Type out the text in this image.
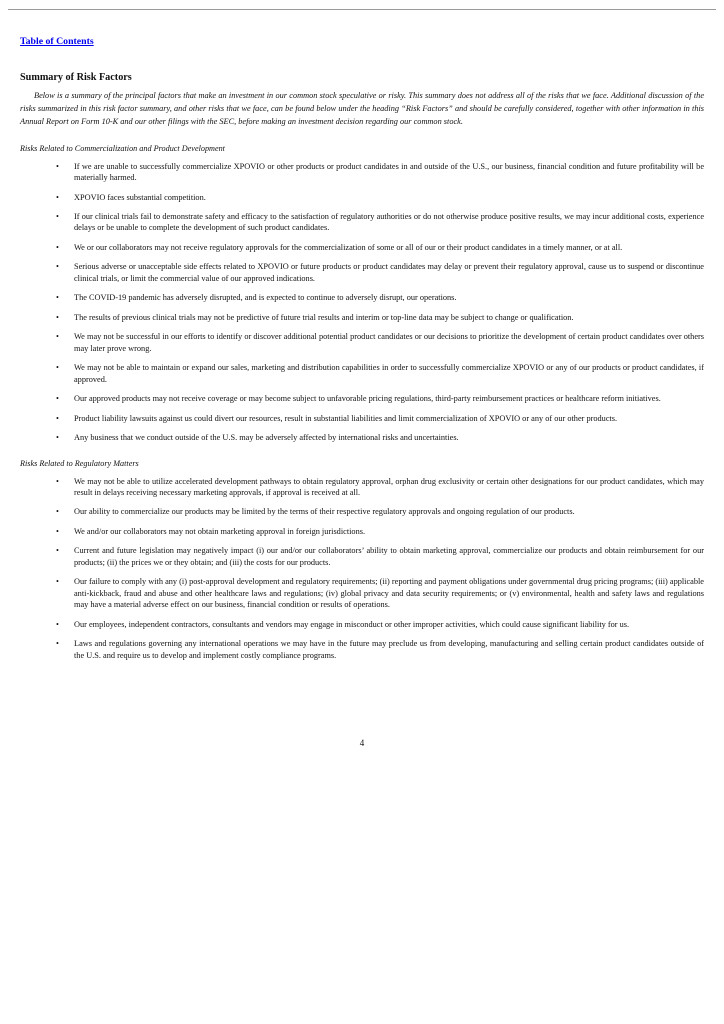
Table of Contents
Summary of Risk Factors

Below is a summary of the principal factors that make an investment in our common stock speculative or risky. This summary does not address all of the risks that we face. Additional discussion of the risks summarized in this risk factor summary, and other risks that we face, can be found below under the heading “Risk Factors” and should be carefully considered, together with other information in this Annual Report on Form 10-K and our other filings with the SEC, before making an investment decision regarding our common stock.

Risks Related to Commercialization and Product Development
• If we are unable to successfully commercialize XPOVIO or other products or product candidates in and outside of the U.S., our business, financial condition and future profitability will be materially harmed.
• XPOVIO faces substantial competition.
• If our clinical trials fail to demonstrate safety and efficacy to the satisfaction of regulatory authorities or do not otherwise produce positive results, we may incur additional costs, experience delays or be unable to complete the development of such product candidates.
• We or our collaborators may not receive regulatory approvals for the commercialization of some or all of our or their product candidates in a timely manner, or at all.
• Serious adverse or unacceptable side effects related to XPOVIO or future products or product candidates may delay or prevent their regulatory approval, cause us to suspend or discontinue clinical trials, or limit the commercial value of our approved indications.
• The COVID-19 pandemic has adversely disrupted, and is expected to continue to adversely disrupt, our operations.
• The results of previous clinical trials may not be predictive of future trial results and interim or top-line data may be subject to change or qualification.
• We may not be successful in our efforts to identify or discover additional potential product candidates or our decisions to prioritize the development of certain product candidates over others may later prove wrong.
• We may not be able to maintain or expand our sales, marketing and distribution capabilities in order to successfully commercialize XPOVIO or any of our products or product candidates, if approved.
• Our approved products may not receive coverage or may become subject to unfavorable pricing regulations, third-party reimbursement practices or healthcare reform initiatives.
• Product liability lawsuits against us could divert our resources, result in substantial liabilities and limit commercialization of XPOVIO or any of our other products.
• Any business that we conduct outside of the U.S. may be adversely affected by international risks and uncertainties.
Risks Related to Regulatory Matters
• We may not be able to utilize accelerated development pathways to obtain regulatory approval, orphan drug exclusivity or certain other designations for our product candidates, which may result in delays receiving necessary marketing approvals, if approval is received at all.
• Our ability to commercialize our products may be limited by the terms of their respective regulatory approvals and ongoing regulation of our products.
• We and/or our collaborators may not obtain marketing approval in foreign jurisdictions.
• Current and future legislation may negatively impact (i) our and/or our collaborators’ ability to obtain marketing approval, commercialize our products and obtain reimbursement for our products; (ii) the prices we or they obtain; and (iii) the costs for our products.
• Our failure to comply with any (i) post-approval development and regulatory requirements; (ii) reporting and payment obligations under governmental drug pricing programs; (iii) applicable anti-kickback, fraud and abuse and other healthcare laws and regulations; (iv) global privacy and data security requirements; or (v) environmental, health and safety laws and regulations may have a material adverse effect on our business, financial condition or results of operations.
• Our employees, independent contractors, consultants and vendors may engage in misconduct or other improper activities, which could cause significant liability for us.
• Laws and regulations governing any international operations we may have in the future may preclude us from developing, manufacturing and selling certain product candidates outside of the U.S. and require us to develop and implement costly compliance programs.
4
